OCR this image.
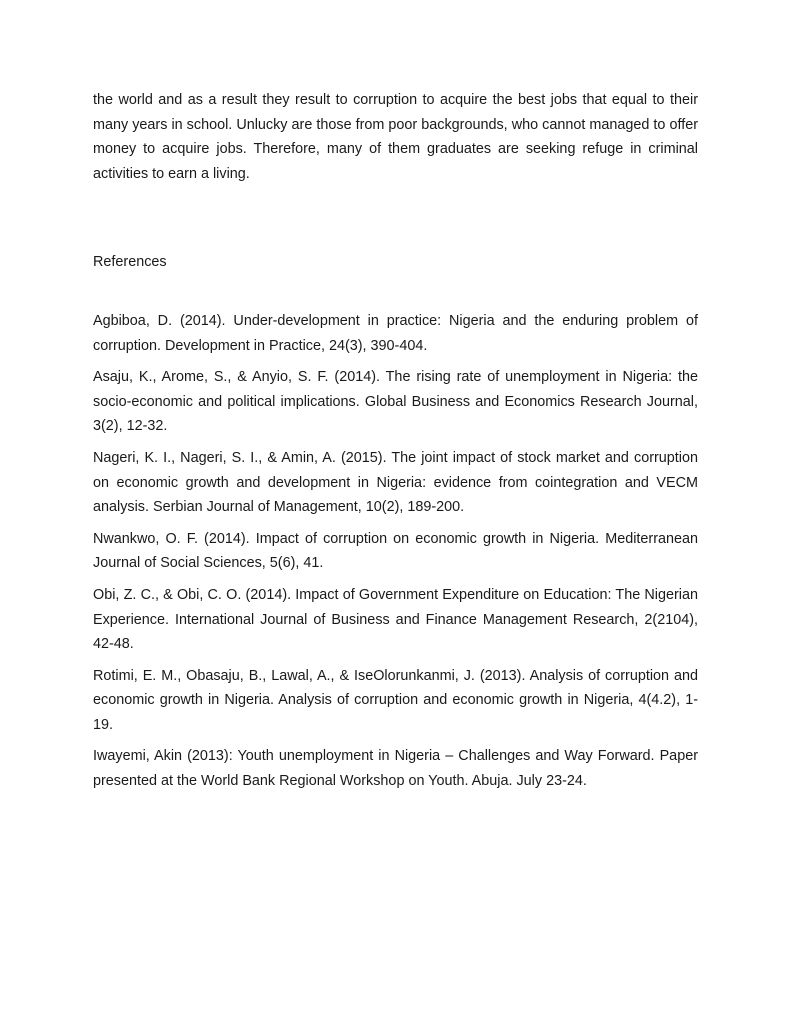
the world and as a result they result to corruption to acquire the best jobs that equal to their many years in school. Unlucky are those from poor backgrounds, who cannot managed to offer money to acquire jobs. Therefore, many of them graduates are seeking refuge in criminal activities to earn a living.

References
Agbiboa, D. (2014). Under-development in practice: Nigeria and the enduring problem of corruption. Development in Practice, 24(3), 390-404.
Asaju, K., Arome, S., & Anyio, S. F. (2014). The rising rate of unemployment in Nigeria: the socio-economic and political implications. Global Business and Economics Research Journal, 3(2), 12-32.
Nageri, K. I., Nageri, S. I., & Amin, A. (2015). The joint impact of stock market and corruption on economic growth and development in Nigeria: evidence from cointegration and VECM analysis. Serbian Journal of Management, 10(2), 189-200.
Nwankwo, O. F. (2014). Impact of corruption on economic growth in Nigeria. Mediterranean Journal of Social Sciences, 5(6), 41.
Obi, Z. C., & Obi, C. O. (2014). Impact of Government Expenditure on Education: The Nigerian Experience. International Journal of Business and Finance Management Research, 2(2104), 42-48.
Rotimi, E. M., Obasaju, B., Lawal, A., & IseOlorunkanmi, J. (2013). Analysis of corruption and economic growth in Nigeria. Analysis of corruption and economic growth in Nigeria, 4(4.2), 1-19.
Iwayemi, Akin (2013): Youth unemployment in Nigeria – Challenges and Way Forward. Paper presented at the World Bank Regional Workshop on Youth. Abuja. July 23-24.
